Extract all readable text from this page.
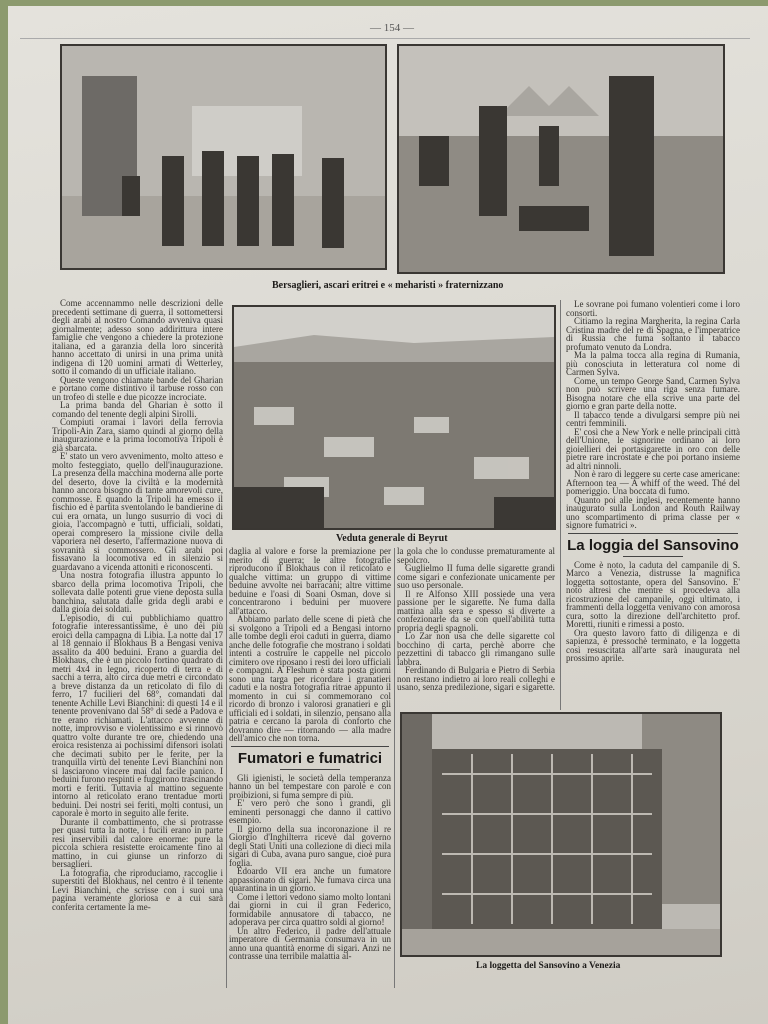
— 154 —
Bersaglieri, ascari eritrei e « meharisti » fraternizzano
Veduta generale di Beyrut

Come accennammo nelle descrizioni delle precedenti settimane di guerra, il sottomettersi degli arabi al nostro Comando avveniva quasi giornalmente; adesso sono addirittura intere famiglie che vengono a chiedere la protezione italiana, ed a garanzia della loro sincerità hanno accettato di unirsi in una prima unità indigena di 120 uomini armati di Wetterley, sotto il comando di un ufficiale italiano.

Queste vengono chiamate bande del Gharian e portano come distintivo il tarbuse rosso con un trofeo di stelle e due picozze incrociate.

La prima banda del Gharian è sotto il comando del tenente degli alpini Sirolli.

Compiuti oramai i lavori della ferrovia Tripoli-Ain Zara, siamo quindi al giorno della inaugurazione e la prima locomotiva Tripoli è già sbarcata.

E' stato un vero avvenimento, molto atteso e molto festeggiato, quello dell'inaugurazione. La presenza della macchina moderna alle porte del deserto, dove la civiltà e la modernità hanno ancora bisogno di tante amorevoli cure, commosse. E quando la Tripoli ha emesso il fischio ed è partita sventolando le bandierine di cui era ornata, un lungo susurrio di voci di gioia, l'accompagnò e tutti, ufficiali, soldati, operai compresero la missione civile della vaporiera nel deserto, l'affermazione nuova di sovranità si commossero. Gli arabi poi fissavano la locomotiva ed in silenzio si guardavano a vicenda attoniti e riconoscenti.

Una nostra fotografia illustra appunto lo sbarco della prima locomotiva Tripoli, che sollevata dalle potenti grue viene deposta sulla banchina, salutata dalle grida degli arabi e dalla gioia dei soldati.

L'episodio, di cui pubblichiamo quattro fotografie interessantissime, è uno dei più eroici della campagna di Libia. La notte dal 17 al 18 gennaio il Blokhaus B a Bengasi veniva assalito da 400 beduini. Erano a guardia del Blokhaus, che è un piccolo fortino quadrato di metri 4x4 in legno, ricoperto di terra e di sacchi a terra, alto circa due metri e circondato a breve distanza da un reticolato di filo di ferro, 17 fucilieri del 68°, comandati dal tenente Achille Levi Bianchini: di questi 14 e il tenente provenivano dal 58° di sede a Padova e tre erano richiamati. L'attacco avvenne di notte, improvviso e violentissimo e si rinnovò quattro volte durante tre ore, chiedendo una eroica resistenza ai pochissimi difensori isolati che decimati subito per le ferite, per la tranquilla virtù del tenente Levi Bianchini non si lasciarono vincere mai dal facile panico. I beduini furono respinti e fuggirono trascinando morti e feriti. Tuttavia al mattino seguente intorno al reticolato erano trentadue morti beduini. Dei nostri sei feriti, molti contusi, un caporale è morto in seguito alle ferite.

Durante il combattimento, che si protrasse per quasi tutta la notte, i fucili erano in parte resi inservibili dal calore enorme: pure la piccola schiera resistette eroicamente fino al mattino, in cui giunse un rinforzo di bersaglieri.

La fotografia, che riproduciamo, raccoglie i superstiti del Blokhaus, nel centro è il tenente Levi Bianchini, che scrisse con i suoi una pagina veramente gloriosa e a cui sarà conferita certamente la me-

daglia al valore e forse la premiazione per merito di guerra; le altre fotografie riproducono il Blokhaus con il reticolato e qualche vittima: un gruppo di vittime beduine avvolte nei barracani; altre vittime beduine e l'oasi di Soani Osman, dove si concentrarono i beduini per muovere all'attacco.

Abbiamo parlato delle scene di pietà che si svolgono a Tripoli ed a Bengasi intorno alle tombe degli eroi caduti in guerra, diamo anche delle fotografie che mostrano i soldati intenti a costruire le cappelle nel piccolo cimitero ove riposano i resti dei loro ufficiali e compagni. A Fleshum è stata posta giorni sono una targa per ricordare i granatieri caduti e la nostra fotografia ritrae appunto il momento in cui si commemorano col ricordo di bronzo i valorosi granatieri e gli ufficiali ed i soldati, in silenzio, pensano alla patria e cercano la parola di conforto che dovranno dire — ritornando — alla madre dell'amico che non torna.

Fumatori e fumatrici

Gli igienisti, le società della temperanza hanno un bel tempestare con parole e con proibizioni, si fuma sempre di più.

E' vero però che sono i grandi, gli eminenti personaggi che danno il cattivo esempio.

Il giorno della sua incoronazione il re Giorgio d'Inghilterra ricevè dal governo degli Stati Uniti una collezione di dieci mila sigari di Cuba, avana puro sangue, cioè pura foglia.

Edoardo VII era anche un fumatore appassionato di sigari. Ne fumava circa una quarantina in un giorno.

Come i lettori vedono siamo molto lontani dai giorni in cui il gran Federico, formidabile annusatore di tabacco, ne adoperava per circa quattro soldi al giorno!

Un altro Federico, il padre dell'attuale imperatore di Germania consumava in un anno una quantità enorme di sigari. Anzi ne contrasse una terribile malattia al-

la gola che lo condusse prematuramente al sepolcro.

Guglielmo II fuma delle sigarette grandi come sigari e confezionate unicamente per suo uso personale.

Il re Alfonso XIII possiede una vera passione per le sigarette. Ne fuma dalla mattina alla sera e spesso si diverte a confezionarle da se con quell'abilità tutta propria degli spagnoli.

Lo Zar non usa che delle sigarette col bocchino di carta, perchè aborre che pezzettini di tabacco gli rimangano sulle labbra.

Ferdinando di Bulgaria e Pietro di Serbia non restano indietro ai loro reali colleghi e usano, senza predilezione, sigari e sigarette.

Le sovrane poi fumano volentieri come i loro consorti.

Citiamo la regina Margherita, la regina Carla Cristina madre del re di Spagna, e l'imperatrice di Russia che fuma soltanto il tabacco profumato venuto da Londra.

Ma la palma tocca alla regina di Rumania, più conosciuta in letteratura col nome di Carmen Sylva.

Come, un tempo George Sand, Carmen Sylva non può scrivere una riga senza fumare. Bisogna notare che ella scrive una parte del giorno e gran parte della notte.

Il tabacco tende a divulgarsi sempre più nei centri femminili.

E' così che a New York e nelle principali città dell'Unione, le signorine ordinano ai loro gioiellieri dei portasigarette in oro con delle pietre rare incrostate e che poi portano insieme ad altri ninnoli.

Non è raro di leggere su certe case americane: Afternoon tea — A whiff of the weed. Thé del pomeriggio. Una boccata di fumo.

Quanto poi alle inglesi, recentemente hanno inaugurato sulla London and Routh Railway uno scompartimento di prima classe per « signore fumatrici ».

La loggia del Sansovino

Come è noto, la caduta del campanile di S. Marco a Venezia, distrusse la magnifica loggetta sottostante, opera del Sansovino. E' noto altresì che mentre si procedeva alla ricostruzione del campanile, oggi ultimato, i frammenti della loggetta venivano con amorosa cura, sotto la direzione dell'architetto prof. Moretti, riuniti e rimessi a posto.

Ora questo lavoro fatto di diligenza e di sapienza, è pressochè terminato, e la loggetta così resuscitata all'arte sarà inaugurata nel prossimo aprile.

La loggetta del Sansovino a Venezia
